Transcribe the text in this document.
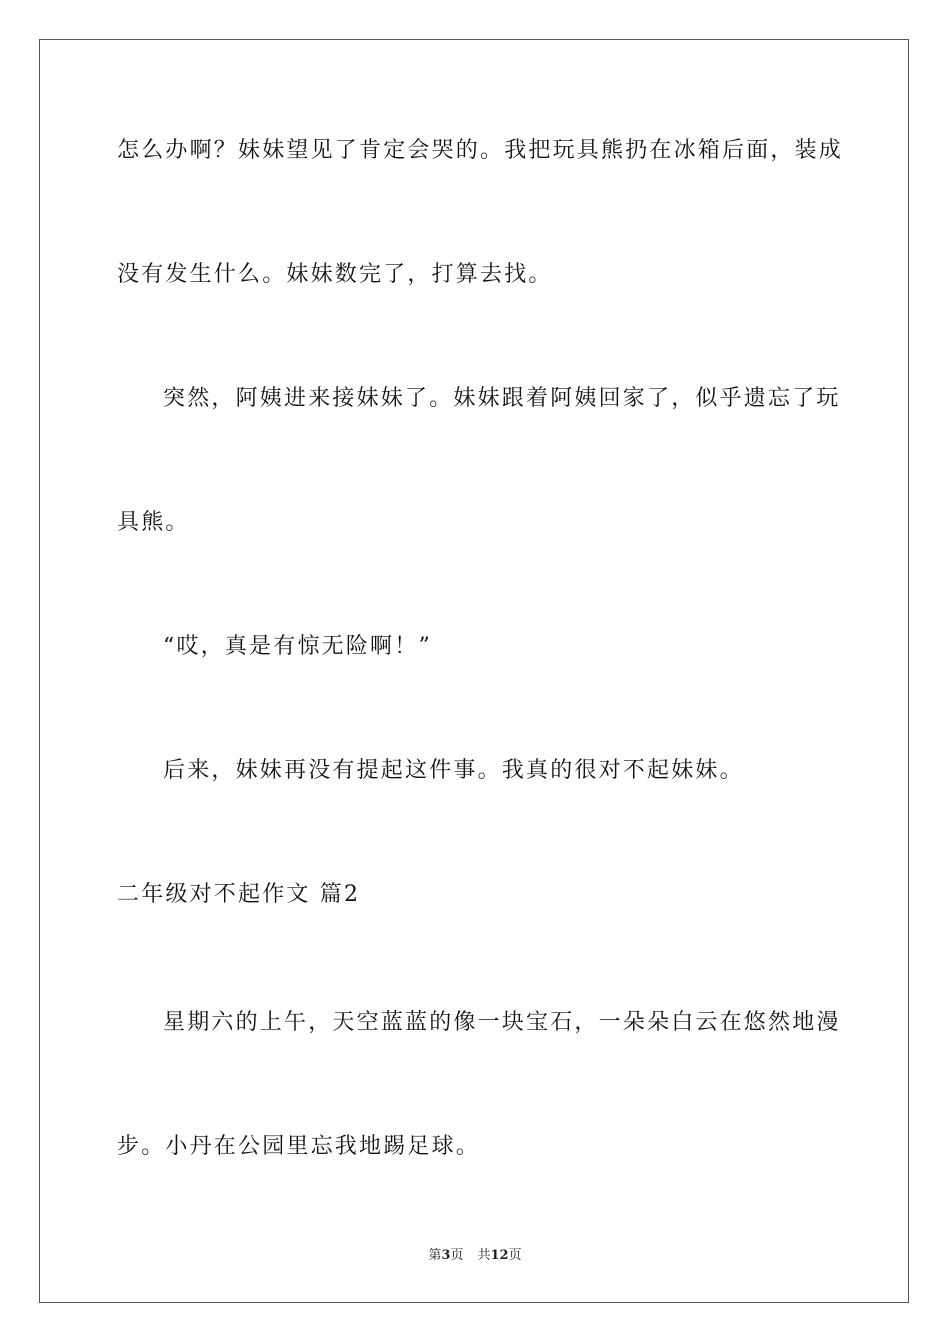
怎么办啊？妹妹望见了肯定会哭的。我把玩具熊扔在冰箱后面，装成
没有发生什么。妹妹数完了，打算去找。
突然，阿姨进来接妹妹了。妹妹跟着阿姨回家了，似乎遗忘了玩
具熊。
“哎，真是有惊无险啊！”
后来，妹妹再没有提起这件事。我真的很对不起妹妹。
二年级对不起作文 篇2
星期六的上午，天空蓝蓝的像一块宝石，一朵朵白云在悠然地漫
步。小丹在公园里忘我地踢足球。
第3页 共12页
